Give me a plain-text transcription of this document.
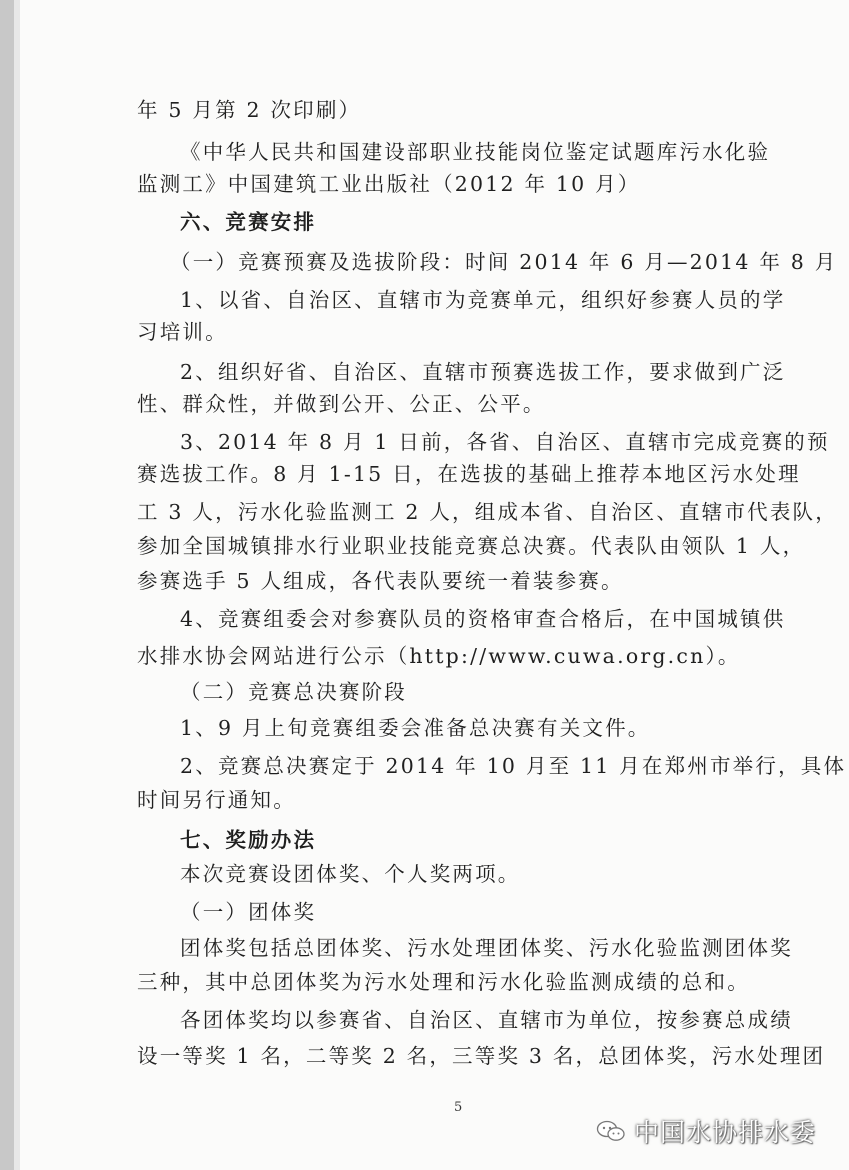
年 5 月第 2 次印刷）
《中华人民共和国建设部职业技能岗位鉴定试题库污水化验
监测工》中国建筑工业出版社（2012 年 10 月）
六、竞赛安排
（一）竞赛预赛及选拔阶段：时间 2014 年 6 月—2014 年 8 月
1、以省、自治区、直辖市为竞赛单元，组织好参赛人员的学
习培训。
2、组织好省、自治区、直辖市预赛选拔工作，要求做到广泛
性、群众性，并做到公开、公正、公平。
3、2014 年 8 月 1 日前，各省、自治区、直辖市完成竞赛的预
赛选拔工作。8 月 1-15 日，在选拔的基础上推荐本地区污水处理
工 3 人，污水化验监测工 2 人，组成本省、自治区、直辖市代表队，
参加全国城镇排水行业职业技能竞赛总决赛。代表队由领队 1 人，
参赛选手 5 人组成，各代表队要统一着装参赛。
4、竞赛组委会对参赛队员的资格审查合格后，在中国城镇供
水排水协会网站进行公示（http://www.cuwa.org.cn）。
（二）竞赛总决赛阶段
1、9 月上旬竞赛组委会准备总决赛有关文件。
2、竞赛总决赛定于 2014 年 10 月至 11 月在郑州市举行，具体
时间另行通知。
七、奖励办法
本次竞赛设团体奖、个人奖两项。
（一）团体奖
团体奖包括总团体奖、污水处理团体奖、污水化验监测团体奖
三种，其中总团体奖为污水处理和污水化验监测成绩的总和。
各团体奖均以参赛省、自治区、直辖市为单位，按参赛总成绩
设一等奖 1 名，二等奖 2 名，三等奖 3 名，总团体奖，污水处理团
5
中国水协排水委
